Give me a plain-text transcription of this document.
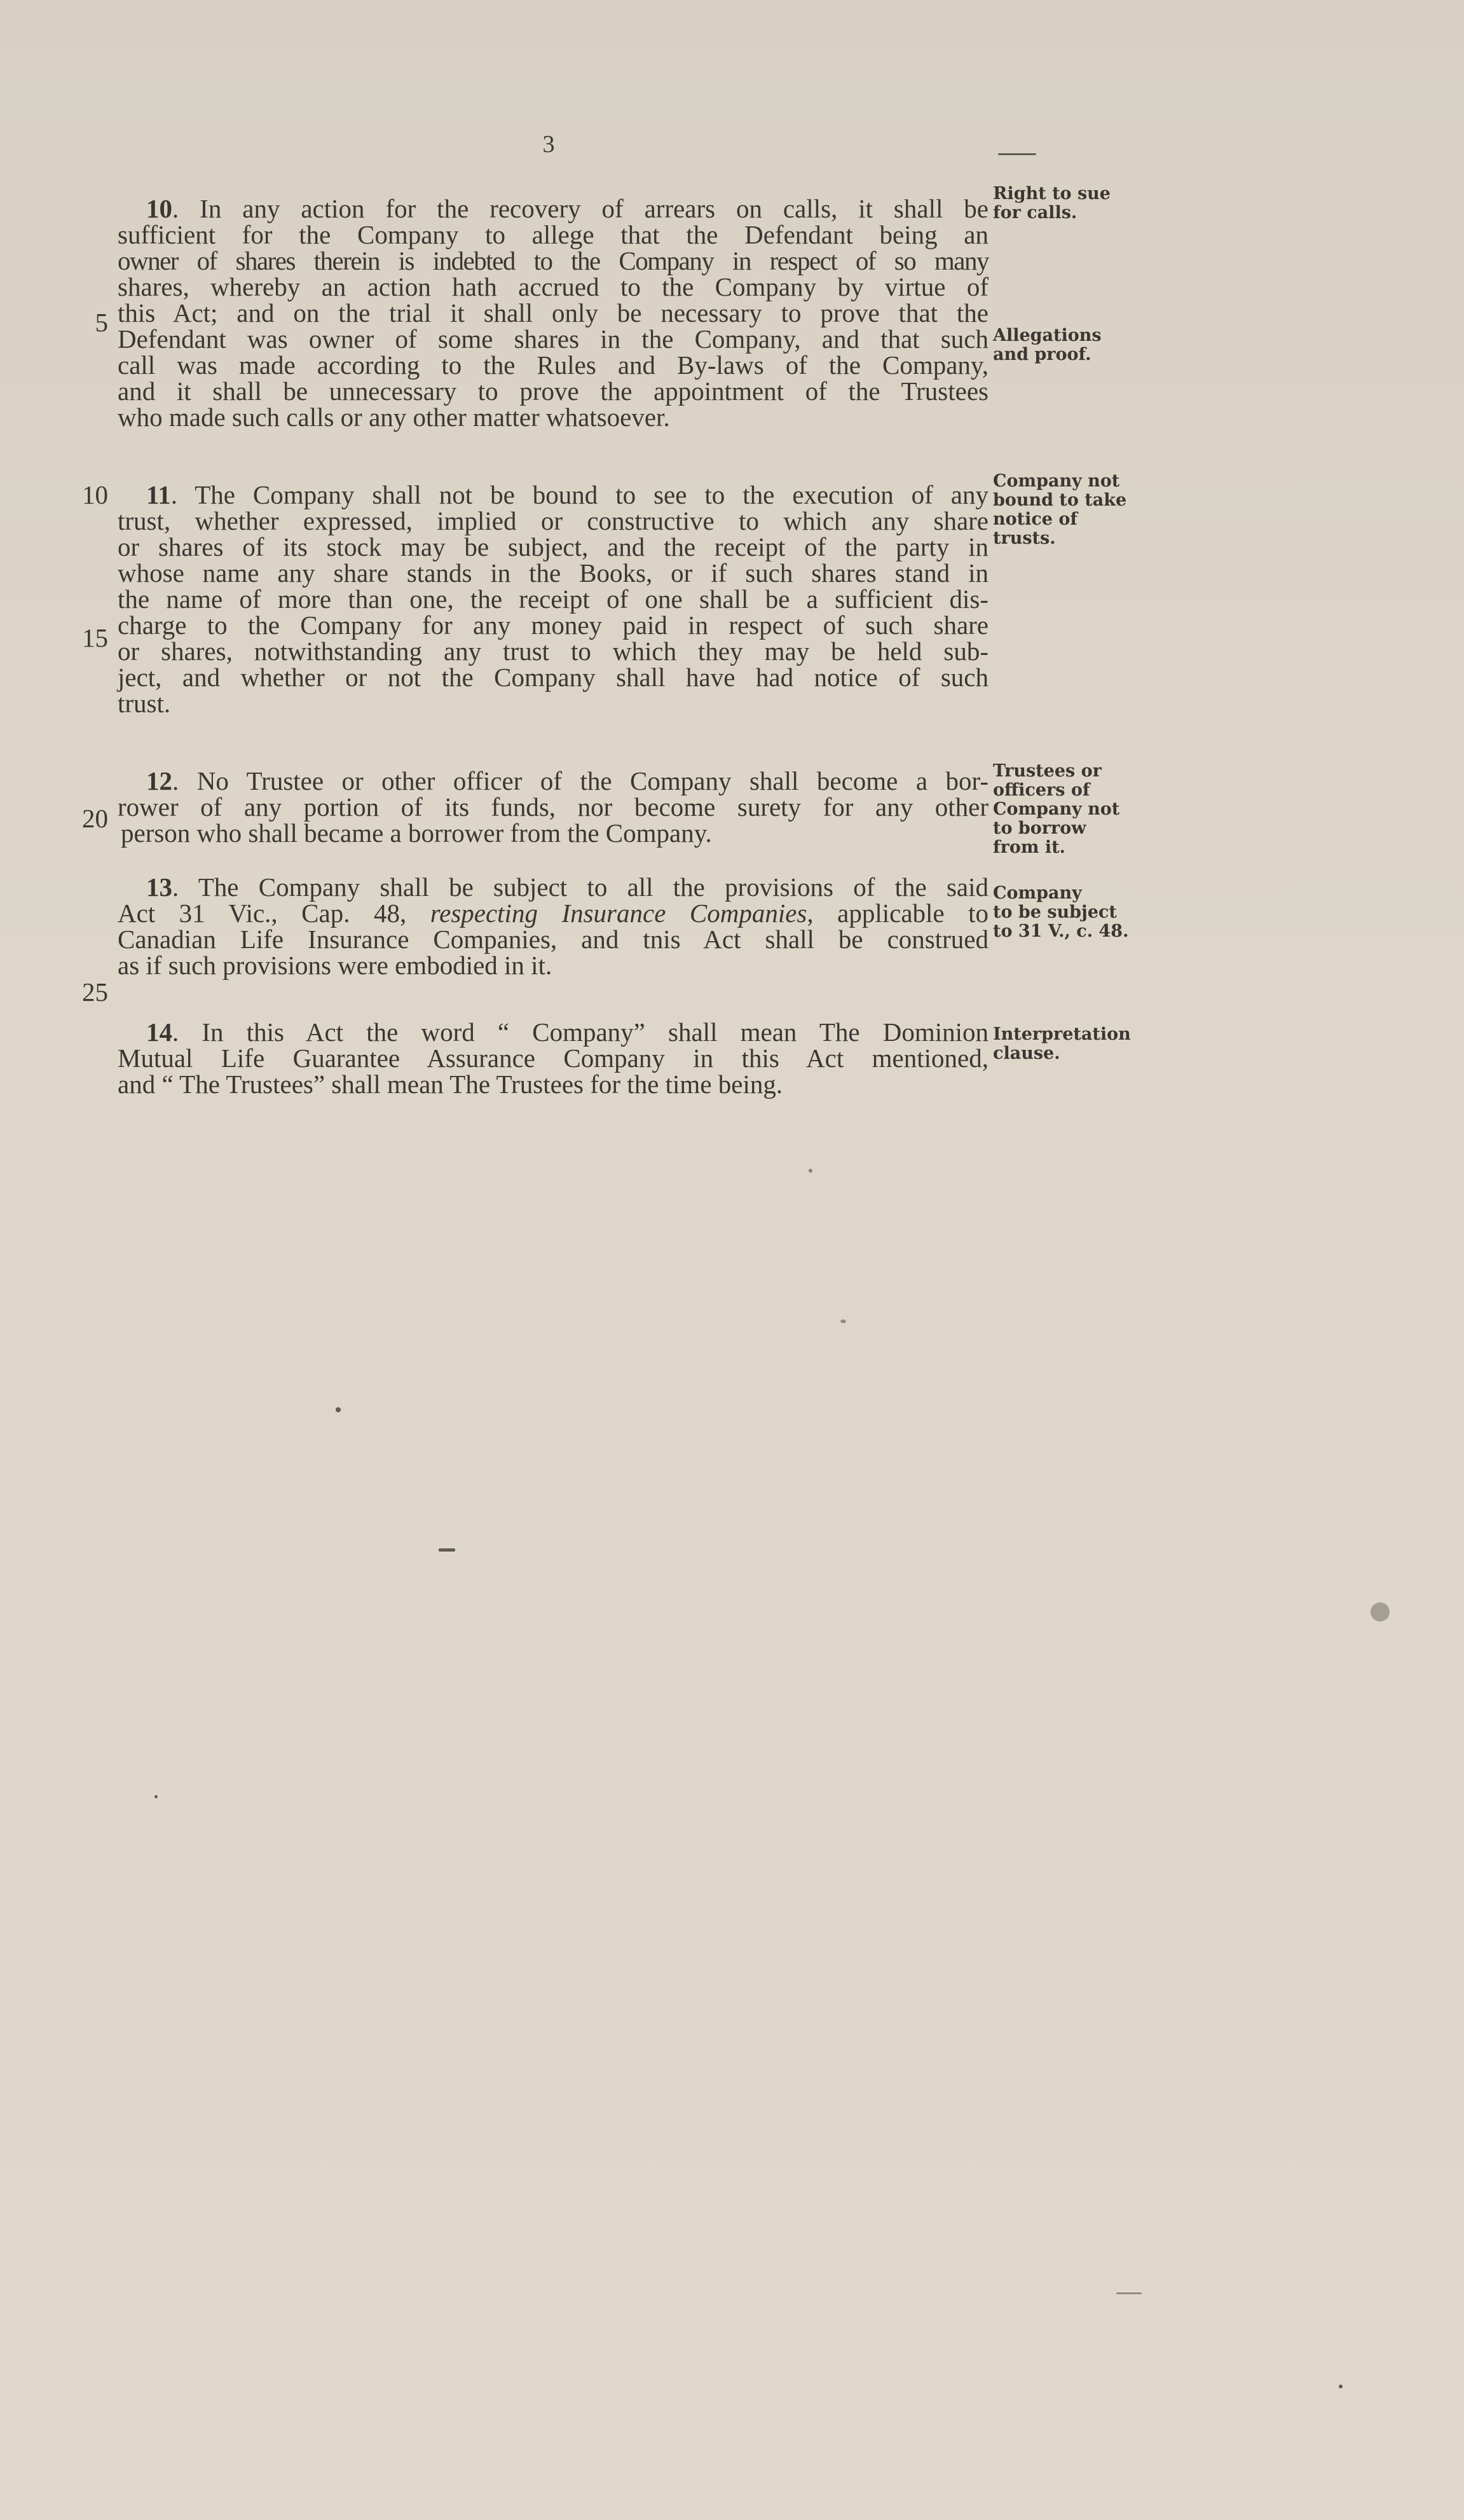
3
5
10
15
20
25
10. In any action for the recovery of arrears on calls, it shall be
sufficient for the Company to allege that the Defendant being an
owner of shares therein is indebted to the Company in respect of so many
shares, whereby an action hath accrued to the Company by virtue of
this Act; and on the trial it shall only be necessary to prove that the
Defendant was owner of some shares in the Company, and that such
call was made according to the Rules and By-laws of the Company,
and it shall be unnecessary to prove the appointment of the Trustees
who made such calls or any other matter whatsoever.
11. The Company shall not be bound to see to the execution of any
trust, whether expressed, implied or constructive to which any share
or shares of its stock may be subject, and the receipt of the party in
whose name any share stands in the Books, or if such shares stand in
the name of more than one, the receipt of one shall be a sufficient dis-
charge to the Company for any money paid in respect of such share
or shares, notwithstanding any trust to which they may be held sub-
ject, and whether or not the Company shall have had notice of such
trust.
12. No Trustee or other officer of the Company shall become a bor-
rower of any portion of its funds, nor become surety for any other
person who shall became a borrower from the Company.
13. The Company shall be subject to all the provisions of the said
Act 31 Vic., Cap. 48, respecting Insurance Companies, applicable to
Canadian Life Insurance Companies, and tnis Act shall be construed
as if such provisions were embodied in it.
14. In this Act the word “ Company” shall mean The Dominion
Mutual Life Guarantee Assurance Company in this Act mentioned,
and “ The Trustees” shall mean The Trustees for the time being.
Right to sue
for calls.
Allegations
and proof.
Company not
bound to take
notice of
trusts.
Trustees or
officers of
Company not
to borrow
from it.
Company
to be subject
to 31 V., c. 48.
Interpretation
clause.
